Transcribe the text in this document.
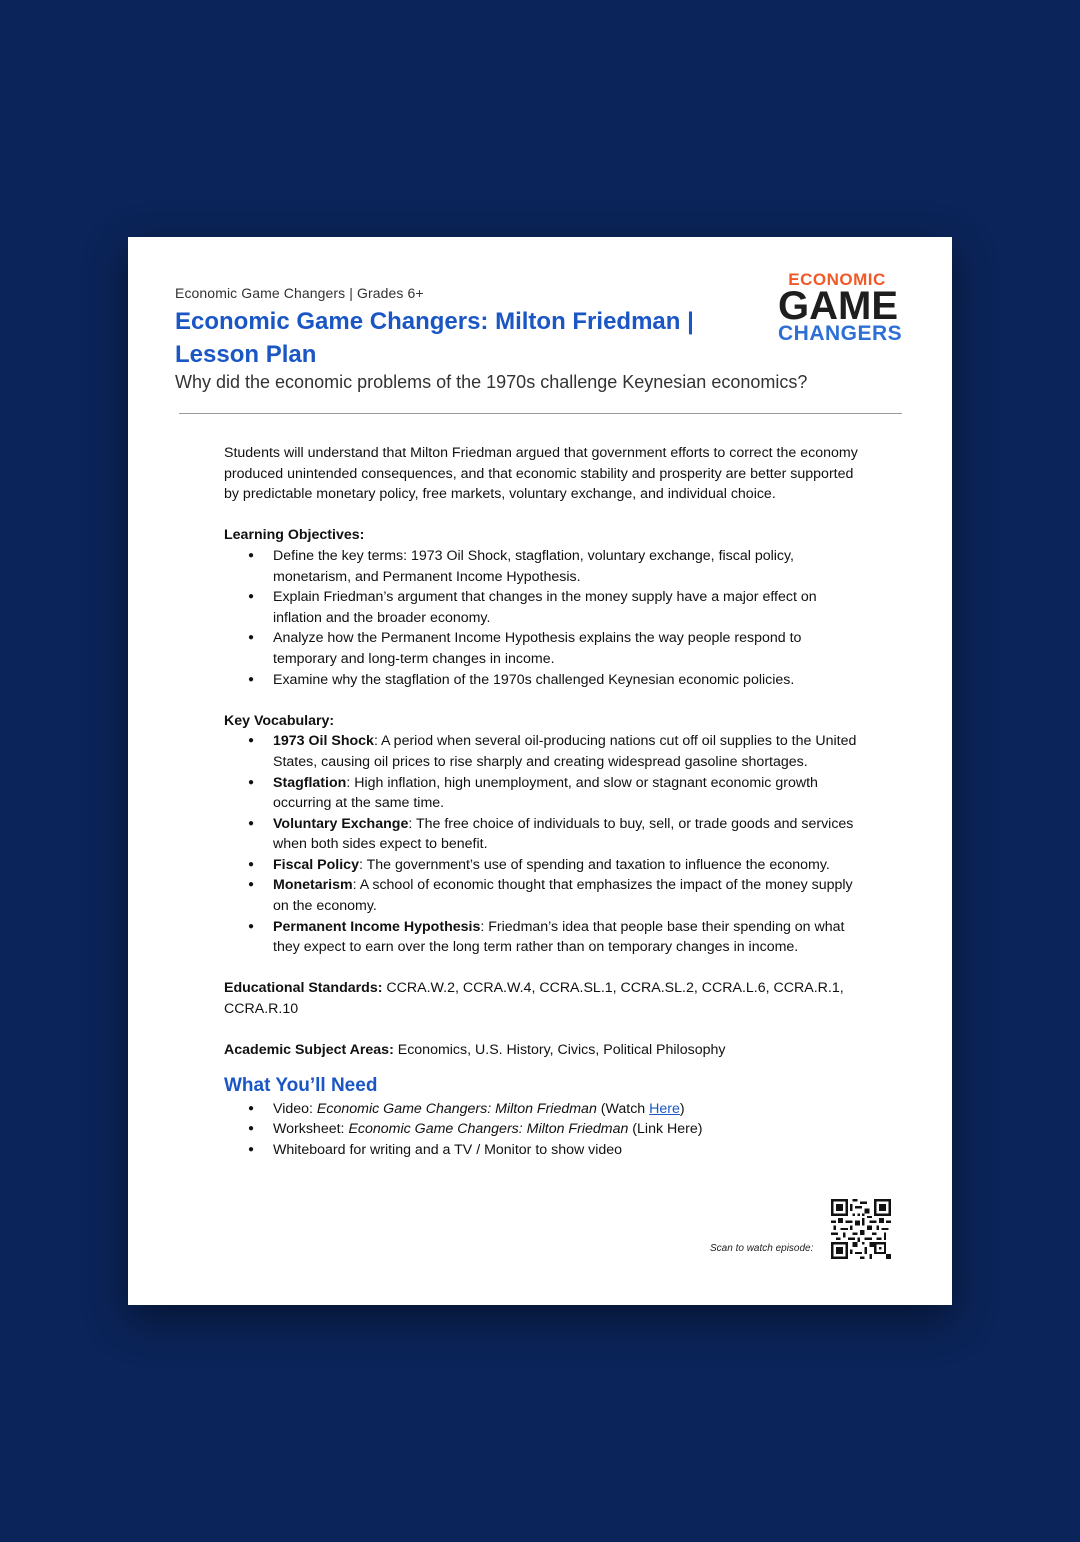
Economic Game Changers | Grades 6+
Economic Game Changers: Milton Friedman | Lesson Plan
Why did the economic problems of the 1970s challenge Keynesian economics?
ECONOMIC
GAME
CHANGERS

Students will understand that Milton Friedman argued that government efforts to correct the economy produced unintended consequences, and that economic stability and prosperity are better supported by predictable monetary policy, free markets, voluntary exchange, and individual choice.

Learning Objectives:

● Define the key terms: 1973 Oil Shock, stagflation, voluntary exchange, fiscal policy, monetarism, and Permanent Income Hypothesis.
● Explain Friedman’s argument that changes in the money supply have a major effect on inflation and the broader economy.
● Analyze how the Permanent Income Hypothesis explains the way people respond to temporary and long-term changes in income.
● Examine why the stagflation of the 1970s challenged Keynesian economic policies.

Key Vocabulary:

● 1973 Oil Shock: A period when several oil-producing nations cut off oil supplies to the United States, causing oil prices to rise sharply and creating widespread gasoline shortages.
● Stagflation: High inflation, high unemployment, and slow or stagnant economic growth occurring at the same time.
● Voluntary Exchange: The free choice of individuals to buy, sell, or trade goods and services when both sides expect to benefit.
● Fiscal Policy: The government’s use of spending and taxation to influence the economy.
● Monetarism: A school of economic thought that emphasizes the impact of the money supply on the economy.
● Permanent Income Hypothesis: Friedman’s idea that people base their spending on what they expect to earn over the long term rather than on temporary changes in income.

Educational Standards: CCRA.W.2, CCRA.W.4, CCRA.SL.1, CCRA.SL.2, CCRA.L.6, CCRA.R.1, CCRA.R.10

Academic Subject Areas: Economics, U.S. History, Civics, Political Philosophy

What You’ll Need
● Video: Economic Game Changers: Milton Friedman (Watch Here)
● Worksheet: Economic Game Changers: Milton Friedman (Link Here)
● Whiteboard for writing and a TV / Monitor to show video
Scan to watch episode:
